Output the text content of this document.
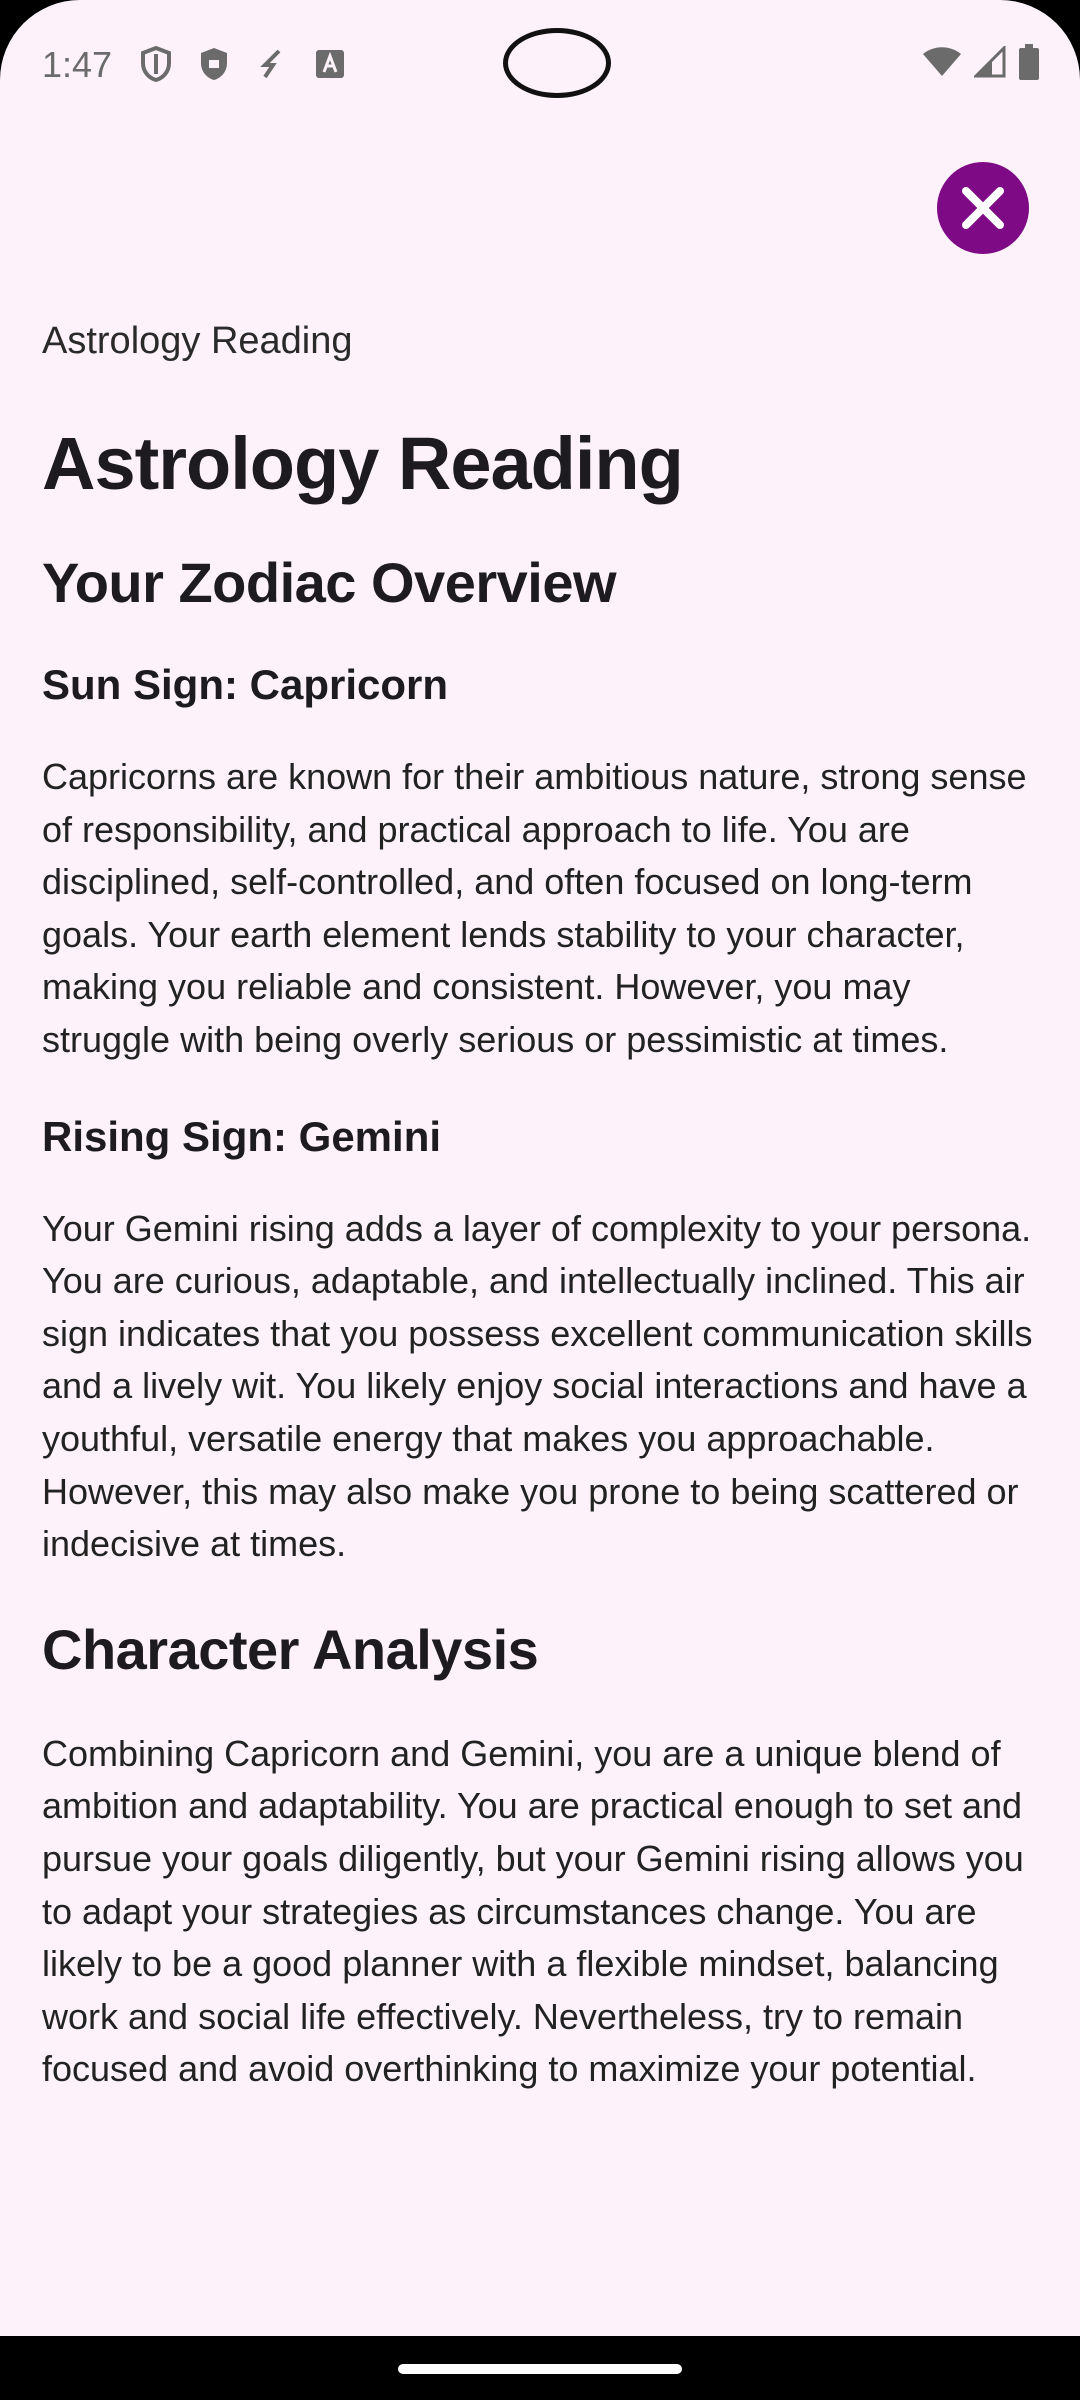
1:47
Astrology Reading
Astrology Reading
Your Zodiac Overview
Sun Sign: Capricorn

Capricorns are known for their ambitious nature, strong sense of responsibility, and practical approach to life. You are disciplined, self-controlled, and often focused on long-term goals. Your earth element lends stability to your character, making you reliable and consistent. However, you may struggle with being overly serious or pessimistic at times.

Rising Sign: Gemini

Your Gemini rising adds a layer of complexity to your persona. You are curious, adaptable, and intellectually inclined. This air sign indicates that you possess excellent communication skills and a lively wit. You likely enjoy social interactions and have a youthful, versatile energy that makes you approachable. However, this may also make you prone to being scattered or indecisive at times.

Character Analysis

Combining Capricorn and Gemini, you are a unique blend of ambition and adaptability. You are practical enough to set and pursue your goals diligently, but your Gemini rising allows you to adapt your strategies as circumstances change. You are likely to be a good planner with a flexible mindset, balancing work and social life effectively. Nevertheless, try to remain focused and avoid overthinking to maximize your potential.
